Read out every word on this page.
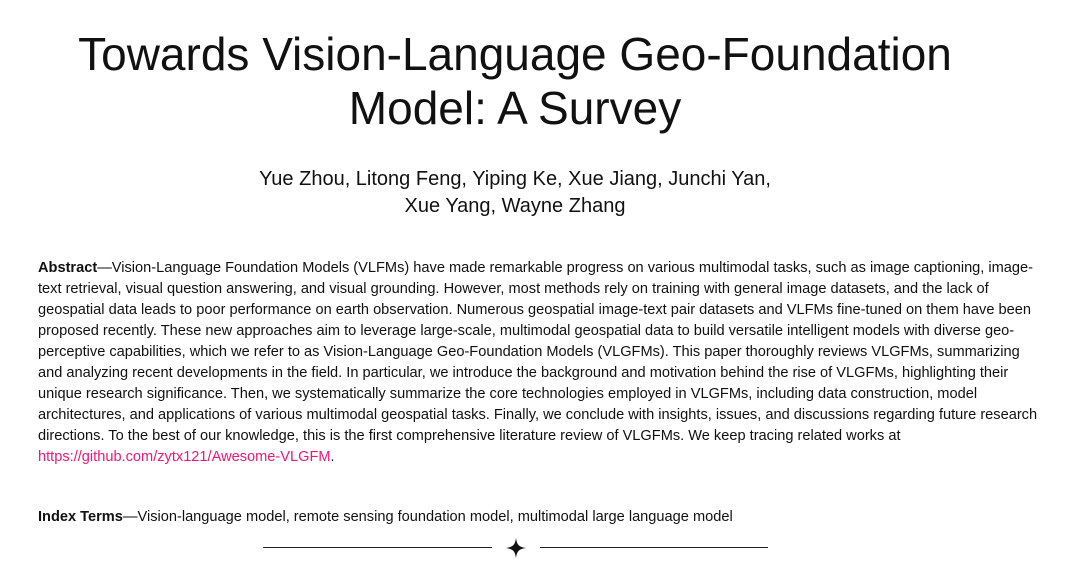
Towards Vision-Language Geo-Foundation
Model: A Survey
Yue Zhou, Litong Feng, Yiping Ke, Xue Jiang, Junchi Yan,
Xue Yang, Wayne Zhang
Abstract—Vision-Language Foundation Models (VLFMs) have made remarkable progress on various multimodal tasks, such as image captioning, image-text retrieval, visual question answering, and visual grounding. However, most methods rely on training with general image datasets, and the lack of geospatial data leads to poor performance on earth observation. Numerous geospatial image-text pair datasets and VLFMs fine-tuned on them have been proposed recently. These new approaches aim to leverage large-scale, multimodal geospatial data to build versatile intelligent models with diverse geo-perceptive capabilities, which we refer to as Vision-Language Geo-Foundation Models (VLGFMs). This paper thoroughly reviews VLGFMs, summarizing and analyzing recent developments in the field. In particular, we introduce the background and motivation behind the rise of VLGFMs, highlighting their unique research significance. Then, we systematically summarize the core technologies employed in VLGFMs, including data construction, model architectures, and applications of various multimodal geospatial tasks. Finally, we conclude with insights, issues, and discussions regarding future research directions. To the best of our knowledge, this is the first comprehensive literature review of VLGFMs. We keep tracing related works at https://github.com/zytx121/Awesome-VLGFM.
Index Terms—Vision-language model, remote sensing foundation model, multimodal large language model
